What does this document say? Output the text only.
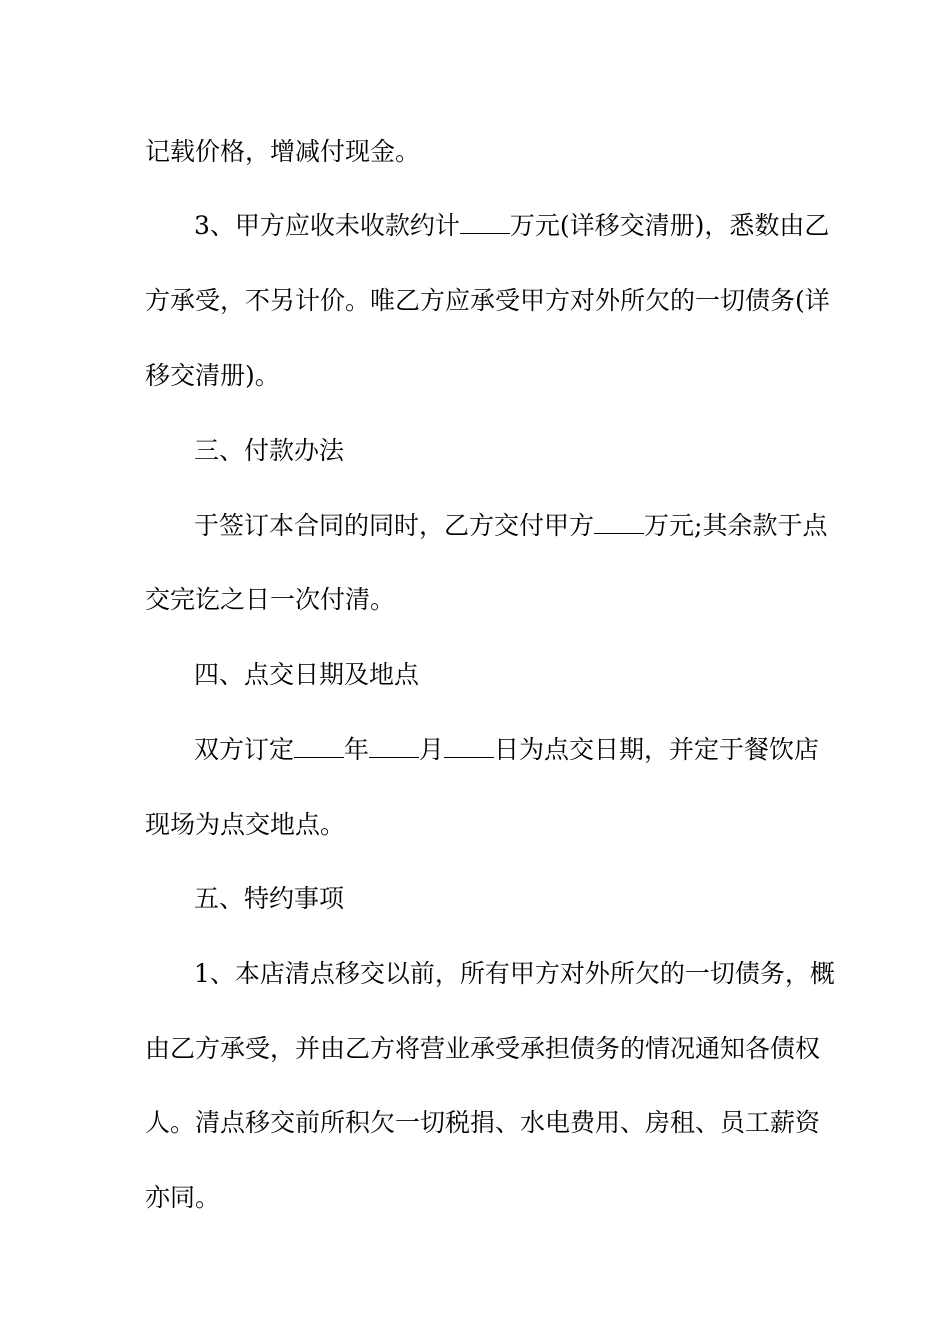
记载价格，增减付现金。
3、甲方应收未收款约计 万元(详移交清册)，悉数由乙
方承受，不另计价。唯乙方应承受甲方对外所欠的一切债务(详
移交清册)。
三、付款办法
于签订本合同的同时，乙方交付甲方 万元;其余款于点
交完讫之日一次付清。
四、点交日期及地点
双方订定 年 月 日为点交日期，并定于餐饮店
现场为点交地点。
五、特约事项
1、本店清点移交以前，所有甲方对外所欠的一切债务，概
由乙方承受，并由乙方将营业承受承担债务的情况通知各债权
人。清点移交前所积欠一切税捐、水电费用、房租、员工薪资
亦同。
